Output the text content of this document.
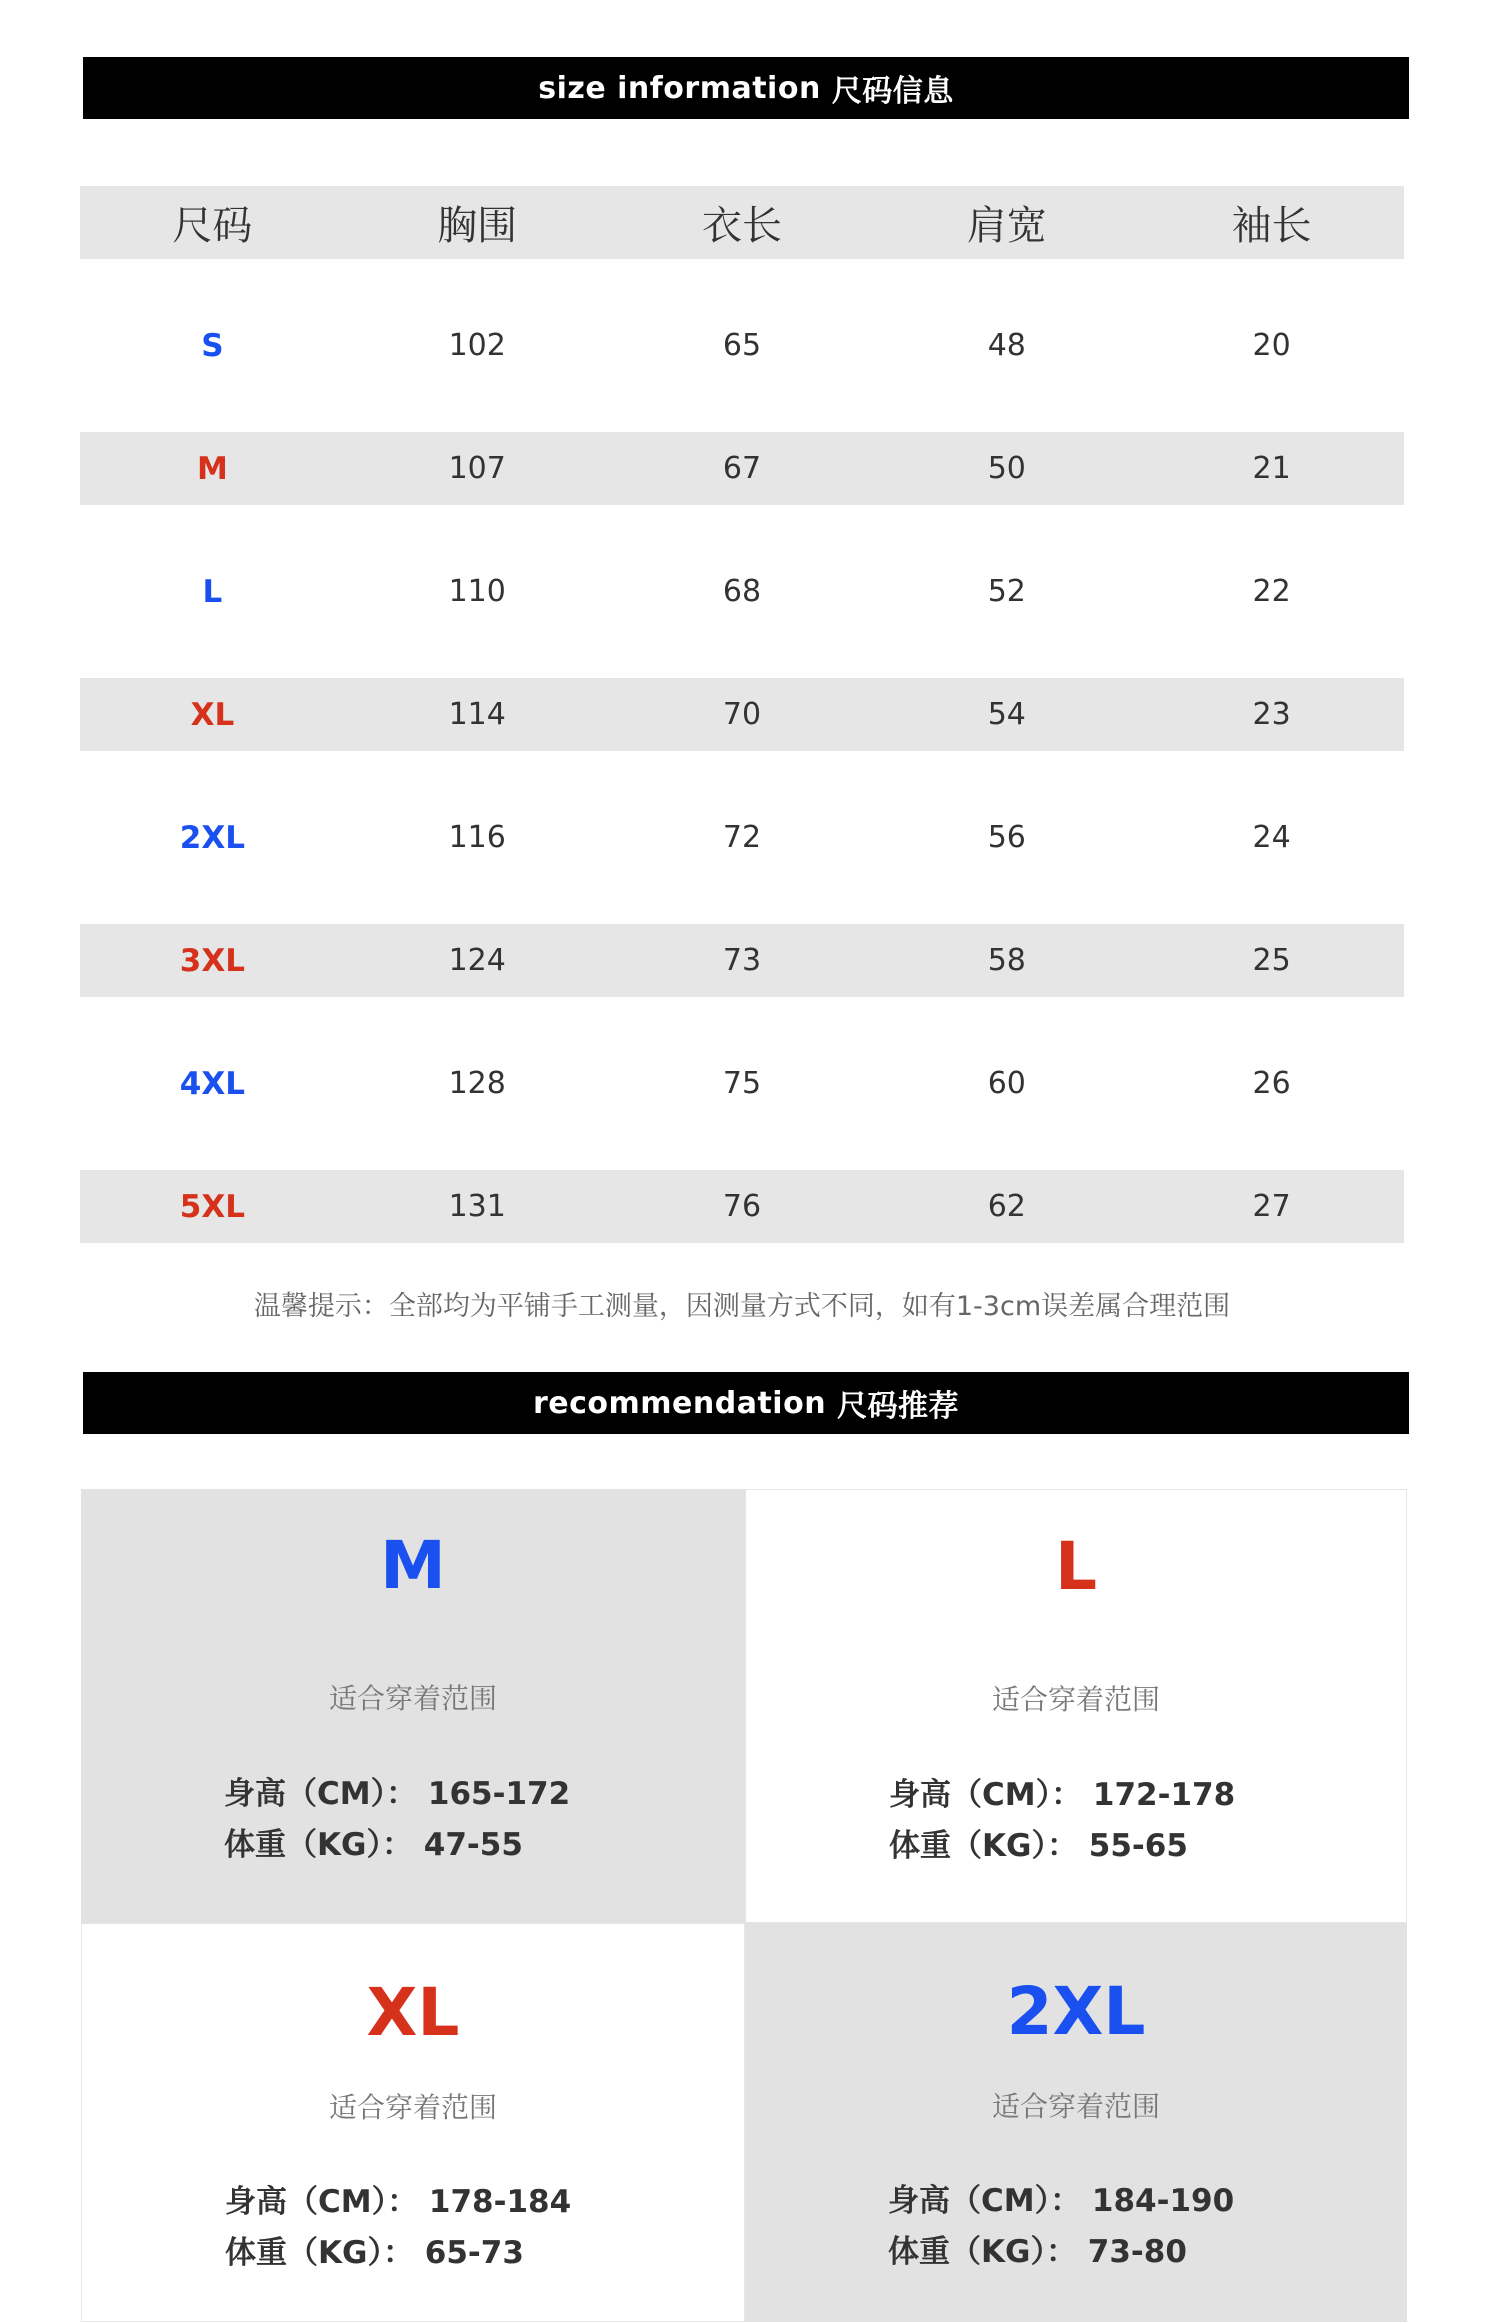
size information
尺码信息
尺码	胸围	衣长	肩宽	袖长
S	102	65	48	20
M	107	67	50	21
L	110	68	52	22
XL	114	70	54	23
2XL	116	72	56	24
3XL	124	73	58	25
4XL	128	75	60	26
5XL	131	76	62	27
温馨提示：全部均为平铺手工测量，因测量方式不同，如有1-3cm误差属合理范围
recommendation
尺码推荐
M
适合穿着范围
身高（CM）： 165-172
体重（KG）： 47-55
L
适合穿着范围
身高（CM）： 172-178
体重（KG）： 55-65
XL
适合穿着范围
身高（CM）： 178-184
体重（KG）： 65-73
2XL
适合穿着范围
身高（CM）： 184-190
体重（KG）： 73-80
